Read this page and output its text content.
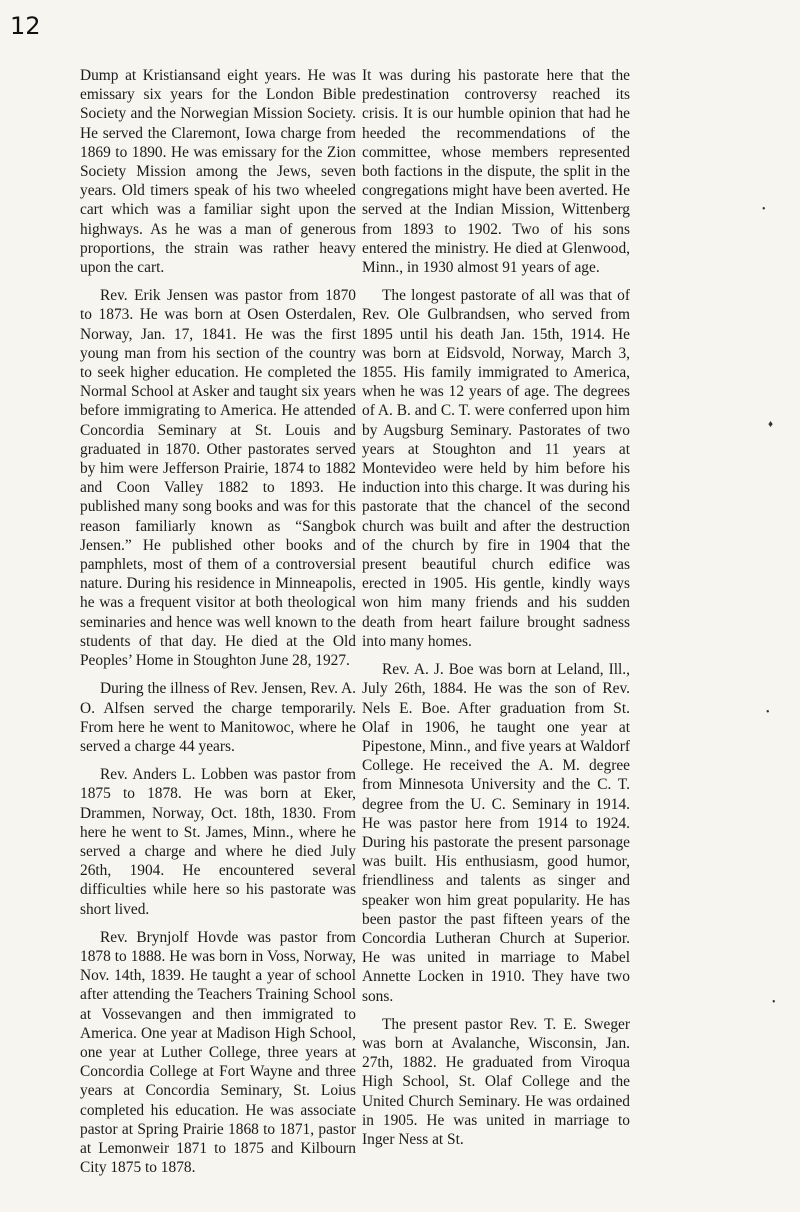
12

Dump at Kristiansand eight years. He was emissary six years for the London Bible Society and the Norwegian Mission Society. He served the Claremont, Iowa charge from 1869 to 1890. He was emissary for the Zion Society Mission among the Jews, seven years. Old timers speak of his two wheeled cart which was a familiar sight upon the highways. As he was a man of generous proportions, the strain was rather heavy upon the cart.

Rev. Erik Jensen was pastor from 1870 to 1873. He was born at Osen Osterdalen, Norway, Jan. 17, 1841. He was the first young man from his section of the country to seek higher education. He completed the Normal School at Asker and taught six years before immigrating to America. He attended Concordia Seminary at St. Louis and graduated in 1870. Other pastorates served by him were Jefferson Prairie, 1874 to 1882 and Coon Valley 1882 to 1893. He published many song books and was for this reason familiarly known as “Sangbok Jensen.” He published other books and pamphlets, most of them of a controversial nature. During his residence in Minneapolis, he was a frequent visitor at both theological seminaries and hence was well known to the students of that day. He died at the Old Peoples’ Home in Stoughton June 28, 1927.

During the illness of Rev. Jensen, Rev. A. O. Alfsen served the charge temporarily. From here he went to Manitowoc, where he served a charge 44 years.

Rev. Anders L. Lobben was pastor from 1875 to 1878. He was born at Eker, Drammen, Norway, Oct. 18th, 1830. From here he went to St. James, Minn., where he served a charge and where he died July 26th, 1904. He encountered several difficulties while here so his pastorate was short lived.

Rev. Brynjolf Hovde was pastor from 1878 to 1888. He was born in Voss, Norway, Nov. 14th, 1839. He taught a year of school after attending the Teachers Training School at Vossevangen and then immigrated to America. One year at Madison High School, one year at Luther College, three years at Concordia College at Fort Wayne and three years at Concordia Seminary, St. Loius completed his education. He was associate pastor at Spring Prairie 1868 to 1871, pastor at Lemonweir 1871 to 1875 and Kilbourn City 1875 to 1878.

It was during his pastorate here that the predestination controversy reached its crisis. It is our humble opinion that had he heeded the recommendations of the committee, whose members represented both factions in the dispute, the split in the congregations might have been averted. He served at the Indian Mission, Wittenberg from 1893 to 1902. Two of his sons entered the ministry. He died at Glenwood, Minn., in 1930 almost 91 years of age.

The longest pastorate of all was that of Rev. Ole Gulbrandsen, who served from 1895 until his death Jan. 15th, 1914. He was born at Eidsvold, Norway, March 3, 1855. His family immigrated to America, when he was 12 years of age. The degrees of A. B. and C. T. were conferred upon him by Augsburg Seminary. Pastorates of two years at Stoughton and 11 years at Montevideo were held by him before his induction into this charge. It was during his pastorate that the chancel of the second church was built and after the destruction of the church by fire in 1904 that the present beautiful church edifice was erected in 1905. His gentle, kindly ways won him many friends and his sudden death from heart failure brought sadness into many homes.

Rev. A. J. Boe was born at Leland, Ill., July 26th, 1884. He was the son of Rev. Nels E. Boe. After graduation from St. Olaf in 1906, he taught one year at Pipestone, Minn., and five years at Waldorf College. He received the A. M. degree from Minnesota University and the C. T. degree from the U. C. Seminary in 1914. He was pastor here from 1914 to 1924. During his pastorate the present parsonage was built. His enthusiasm, good humor, friendliness and talents as singer and speaker won him great popularity. He has been pastor the past fifteen years of the Concordia Lutheran Church at Superior. He was united in marriage to Mabel Annette Locken in 1910. They have two sons.

The present pastor Rev. T. E. Sweger was born at Avalanche, Wisconsin, Jan. 27th, 1882. He graduated from Viroqua High School, St. Olaf College and the United Church Seminary. He was ordained in 1905. He was united in marriage to Inger Ness at St.

•
♦
•
•
